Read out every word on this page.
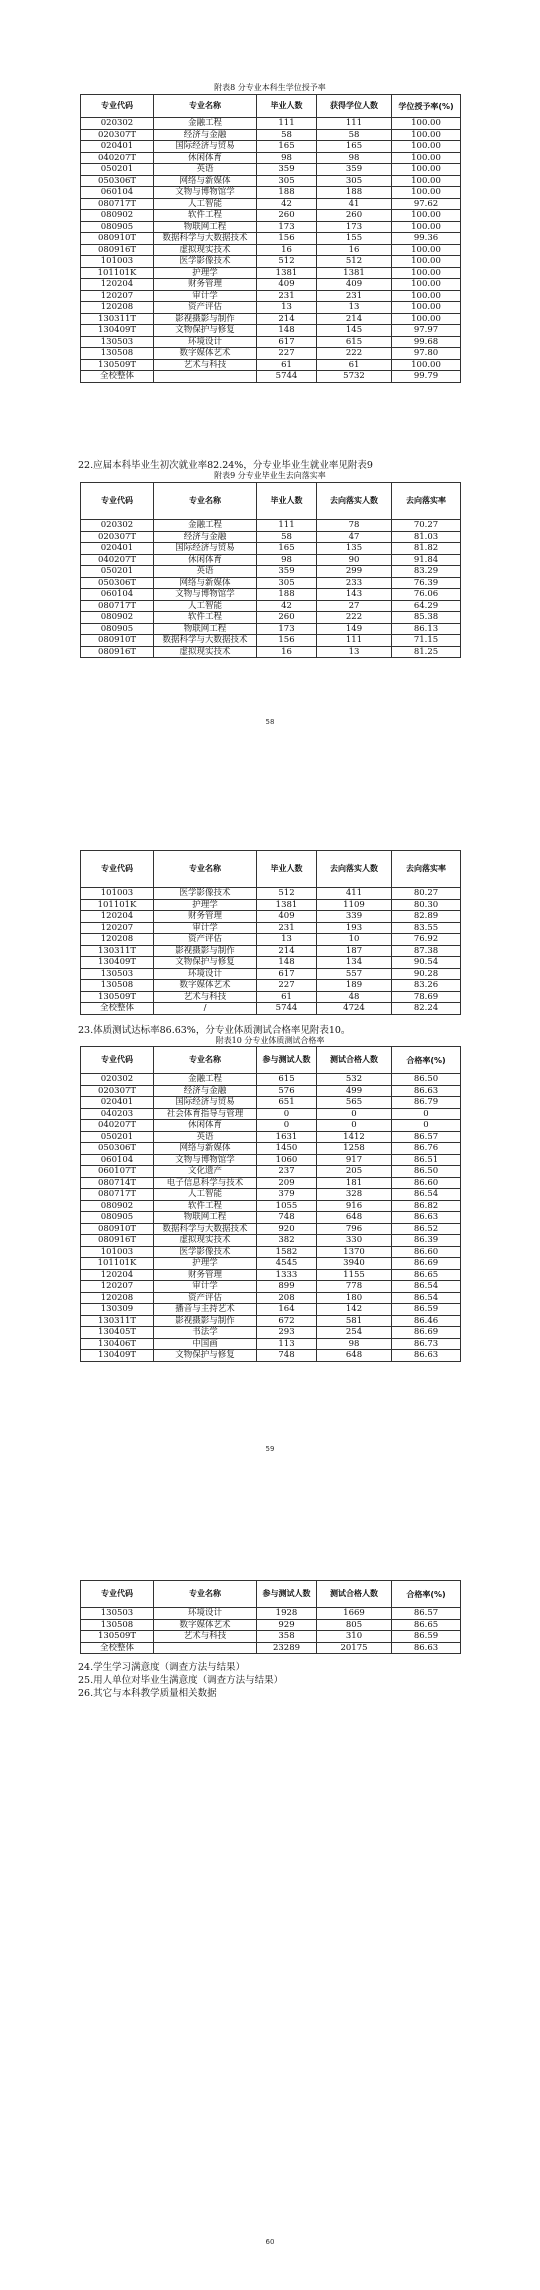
附表8 分专业本科生学位授予率
专业代码	专业名称	毕业人数	获得学位人数	学位授予率(%)
020302	金融工程	111	111	100.00
020307T	经济与金融	58	58	100.00
020401	国际经济与贸易	165	165	100.00
040207T	休闲体育	98	98	100.00
050201	英语	359	359	100.00
050306T	网络与新媒体	305	305	100.00
060104	文物与博物馆学	188	188	100.00
080717T	人工智能	42	41	97.62
080902	软件工程	260	260	100.00
080905	物联网工程	173	173	100.00
080910T	数据科学与大数据技术	156	155	99.36
080916T	虚拟现实技术	16	16	100.00
101003	医学影像技术	512	512	100.00
101101K	护理学	1381	1381	100.00
120204	财务管理	409	409	100.00
120207	审计学	231	231	100.00
120208	资产评估	13	13	100.00
130311T	影视摄影与制作	214	214	100.00
130409T	文物保护与修复	148	145	97.97
130503	环境设计	617	615	99.68
130508	数字媒体艺术	227	222	97.80
130509T	艺术与科技	61	61	100.00
全校整体		5744	5732	99.79
22.应届本科毕业生初次就业率82.24%，分专业毕业生就业率见附表9
附表9 分专业毕业生去向落实率
专业代码	专业名称	毕业人数	去向落实人数	去向落实率
020302	金融工程	111	78	70.27
020307T	经济与金融	58	47	81.03
020401	国际经济与贸易	165	135	81.82
040207T	休闲体育	98	90	91.84
050201	英语	359	299	83.29
050306T	网络与新媒体	305	233	76.39
060104	文物与博物馆学	188	143	76.06
080717T	人工智能	42	27	64.29
080902	软件工程	260	222	85.38
080905	物联网工程	173	149	86.13
080910T	数据科学与大数据技术	156	111	71.15
080916T	虚拟现实技术	16	13	81.25
58
专业代码	专业名称	毕业人数	去向落实人数	去向落实率
101003	医学影像技术	512	411	80.27
101101K	护理学	1381	1109	80.30
120204	财务管理	409	339	82.89
120207	审计学	231	193	83.55
120208	资产评估	13	10	76.92
130311T	影视摄影与制作	214	187	87.38
130409T	文物保护与修复	148	134	90.54
130503	环境设计	617	557	90.28
130508	数字媒体艺术	227	189	83.26
130509T	艺术与科技	61	48	78.69
全校整体	/	5744	4724	82.24
23.体质测试达标率86.63%，分专业体质测试合格率见附表10。
附表10 分专业体质测试合格率
专业代码	专业名称	参与测试人数	测试合格人数	合格率(%)
020302	金融工程	615	532	86.50
020307T	经济与金融	576	499	86.63
020401	国际经济与贸易	651	565	86.79
040203	社会体育指导与管理	0	0	0
040207T	休闲体育	0	0	0
050201	英语	1631	1412	86.57
050306T	网络与新媒体	1450	1258	86.76
060104	文物与博物馆学	1060	917	86.51
060107T	文化遗产	237	205	86.50
080714T	电子信息科学与技术	209	181	86.60
080717T	人工智能	379	328	86.54
080902	软件工程	1055	916	86.82
080905	物联网工程	748	648	86.63
080910T	数据科学与大数据技术	920	796	86.52
080916T	虚拟现实技术	382	330	86.39
101003	医学影像技术	1582	1370	86.60
101101K	护理学	4545	3940	86.69
120204	财务管理	1333	1155	86.65
120207	审计学	899	778	86.54
120208	资产评估	208	180	86.54
130309	播音与主持艺术	164	142	86.59
130311T	影视摄影与制作	672	581	86.46
130405T	书法学	293	254	86.69
130406T	中国画	113	98	86.73
130409T	文物保护与修复	748	648	86.63
59
专业代码	专业名称	参与测试人数	测试合格人数	合格率(%)
130503	环境设计	1928	1669	86.57
130508	数字媒体艺术	929	805	86.65
130509T	艺术与科技	358	310	86.59
全校整体		23289	20175	86.63
24.学生学习满意度（调查方法与结果）
25.用人单位对毕业生满意度（调查方法与结果）
26.其它与本科教学质量相关数据
60
